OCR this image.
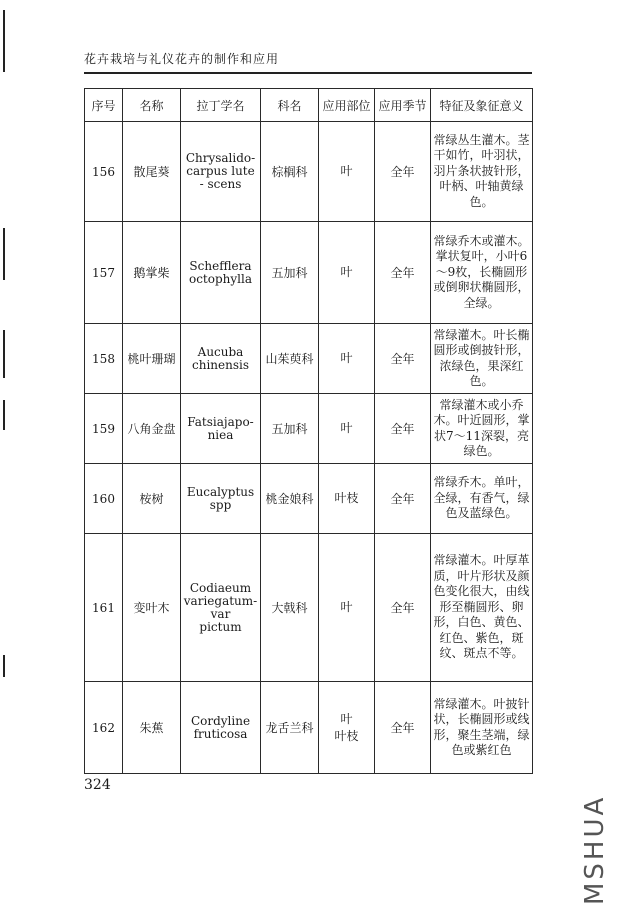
花卉栽培与礼仪花卉的制作和应用
序号	名称	拉丁学名	科名	应用部位	应用季节	特征及象征意义
156	散尾葵	Chrysalido-
carpus lute
- scens	棕榈科	叶	全年	常绿丛生灌木。茎干如竹，叶羽状，羽片条状披针形，叶柄、叶轴黄绿色。
157	鹅掌柴	Schefflera
octophylla	五加科	叶	全年	常绿乔木或灌木。掌状复叶，小叶6～9枚，长椭圆形或倒卵状椭圆形，全绿。
158	桃叶珊瑚	Aucuba
chinensis	山茱萸科	叶	全年	常绿灌木。叶长椭圆形或倒披针形，浓绿色，果深红色。
159	八角金盘	Fatsiajapo-
niea	五加科	叶	全年	常绿灌木或小乔木。叶近圆形，掌状7～11深裂，亮绿色。
160	桉树	Eucalyptus
spp	桃金娘科	叶枝	全年	常绿乔木。单叶，全绿，有香气，绿色及蓝绿色。
161	变叶木	Codiaeum
variegatum-
var
pictum	大戟科	叶	全年	常绿灌木。叶厚革质，叶片形状及颜色变化很大，由线形至椭圆形、卵形，白色、黄色、红色、紫色，斑纹、斑点不等。
162	朱蕉	Cordyline
fruticosa	龙舌兰科	叶
叶枝	全年	常绿灌木。叶披针状，长椭圆形或线形，聚生茎端，绿色或紫红色
324
MSHUA
